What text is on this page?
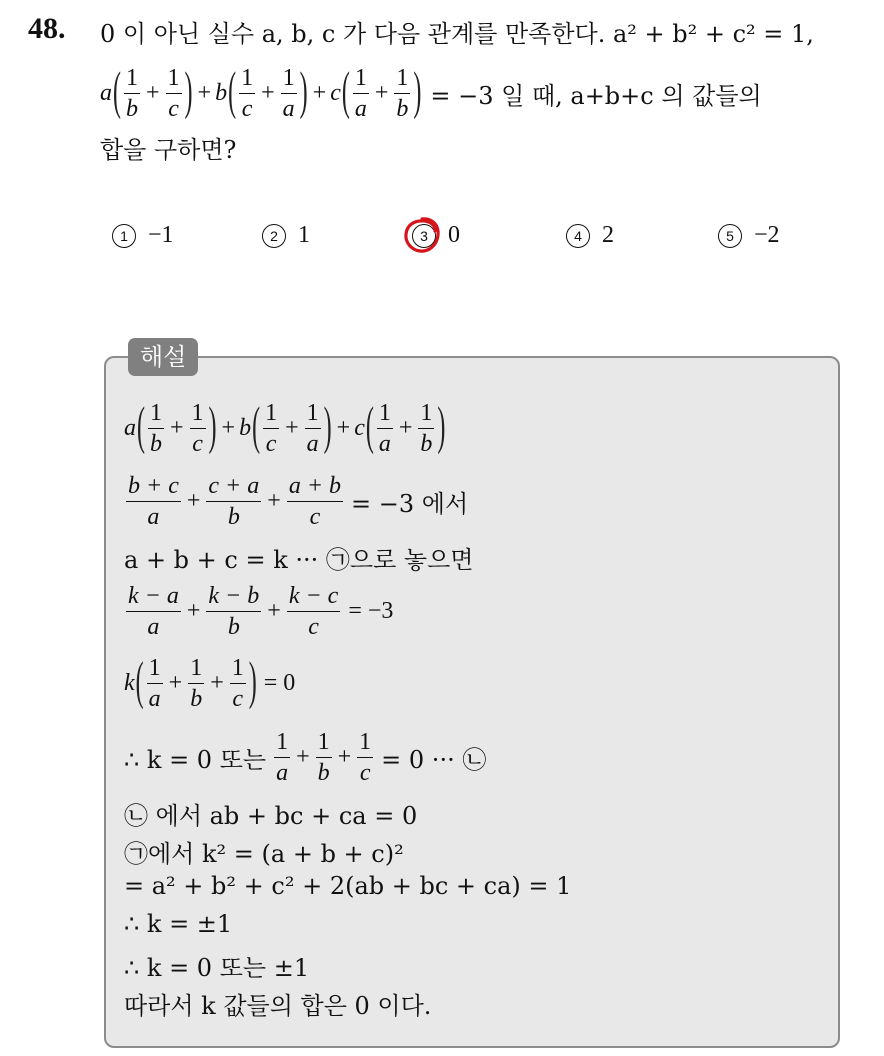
48. 0 이 아닌 실수 a, b, c 가 다음 관계를 만족한다. a² + b² + c² = 1,
a ( $\frac{1}{b} + \frac{1}{c}$ ) + b ( $\frac{1}{c} + \frac{1}{a}$ ) + c ( $\frac{1}{a} + \frac{1}{b}$ ) = −3 일 때, a+b+c 의 값들의
합을 구하면?
1 −1	2 1	3 0	4 2	5 −2
해설
a ( $\frac{1}{b} + \frac{1}{c}$ ) + b ( $\frac{1}{c} + \frac{1}{a}$ ) + c ( $\frac{1}{a} + \frac{1}{b}$ )
$\frac{b + c}{a} + \frac{c + a}{b} + \frac{a + b}{c} = -3$ 에서
a + b + c = k ··· ㉠으로 놓으면
$\frac{k - a}{a} + \frac{k - b}{b} + \frac{k - c}{c} = -3$
k ( $\frac{1}{a} + \frac{1}{b} + \frac{1}{c}$ ) = 0
∴ k = 0 또는 $\frac{1}{a} + \frac{1}{b} + \frac{1}{c} = 0$ ··· ㉡
㉡ 에서 ab + bc + ca = 0
㉠에서 k² = (a + b + c)²
= a² + b² + c² + 2(ab + bc + ca) = 1
∴ k = ±1
∴ k = 0 또는 ±1
따라서 k 값들의 합은 0 이다.
